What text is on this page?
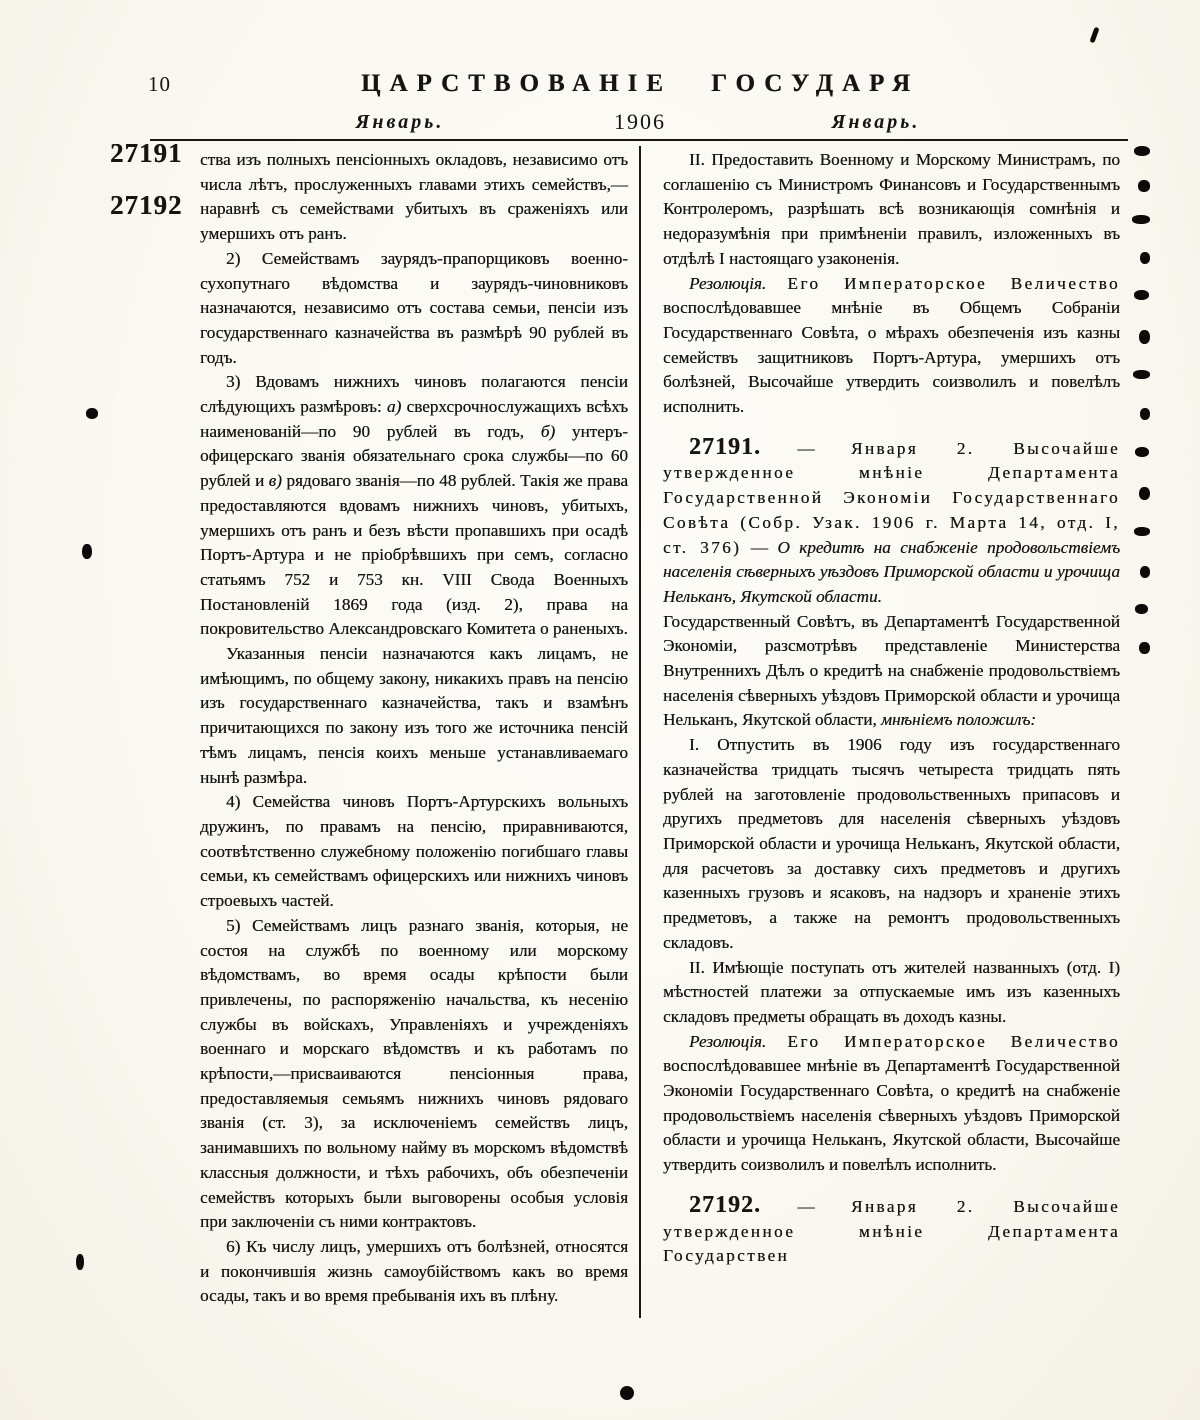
10	ЦАРСТВОВАНІЕ ГОСУДАРЯ
Январь.	1906	Январь.
27191
27192

ства изъ полныхъ пенсіонныхъ окладовъ, независимо отъ числа лѣтъ, прослуженныхъ главами этихъ семействъ,—наравнѣ съ семействами убитыхъ въ сраженіяхъ или умершихъ отъ ранъ.

2) Семействамъ заурядъ-прапорщиковъ военно-сухопутнаго вѣдомства и заурядъ-чиновниковъ назначаются, независимо отъ состава семьи, пенсіи изъ государственнаго казначейства въ размѣрѣ 90 рублей въ годъ.

3) Вдовамъ нижнихъ чиновъ полагаются пенсіи слѣдующихъ размѣровъ: а) сверхсрочнослужащихъ всѣхъ наименованій—по 90 рублей въ годъ, б) унтеръ-офицерскаго званія обязательнаго срока службы—по 60 рублей и в) рядоваго званія—по 48 рублей. Такія же права предоставляются вдовамъ нижнихъ чиновъ, убитыхъ, умершихъ отъ ранъ и безъ вѣсти пропавшихъ при осадѣ Портъ-Артура и не пріобрѣвшихъ при семъ, согласно статьямъ 752 и 753 кн. VIII Свода Военныхъ Постановленій 1869 года (изд. 2), права на покровительство Александровскаго Комитета о раненыхъ.

Указанныя пенсіи назначаются какъ лицамъ, не имѣющимъ, по общему закону, никакихъ правъ на пенсію изъ государственнаго казначейства, такъ и взамѣнъ причитающихся по закону изъ того же источника пенсій тѣмъ лицамъ, пенсія коихъ меньше устанавливаемаго нынѣ размѣра.

4) Семейства чиновъ Портъ-Артурскихъ вольныхъ дружинъ, по правамъ на пенсію, приравниваются, соотвѣтственно служебному положенію погибшаго главы семьи, къ семействамъ офицерскихъ или нижнихъ чиновъ строевыхъ частей.

5) Семействамъ лицъ разнаго званія, которыя, не состоя на службѣ по военному или морскому вѣдомствамъ, во время осады крѣпости были привлечены, по распоряженію начальства, къ несенію службы въ войскахъ, Управленіяхъ и учрежденіяхъ военнаго и морскаго вѣдомствъ и къ работамъ по крѣпости,—присваиваются пенсіонныя права, предоставляемыя семьямъ нижнихъ чиновъ рядоваго званія (ст. 3), за исключеніемъ семействъ лицъ, занимавшихъ по вольному найму въ морскомъ вѣдомствѣ классныя должности, и тѣхъ рабочихъ, объ обезпеченіи семействъ которыхъ были выговорены особыя условія при заключеніи съ ними контрактовъ.

6) Къ числу лицъ, умершихъ отъ болѣзней, относятся и покончившія жизнь самоубійствомъ какъ во время осады, такъ и во время пребыванія ихъ въ плѣну.

II. Предоставить Военному и Морскому Министрамъ, по соглашенію съ Министромъ Финансовъ и Государственнымъ Контролеромъ, разрѣшать всѣ возникающія сомнѣнія и недоразумѣнія при примѣненіи правилъ, изложенныхъ въ отдѣлѣ I настоящаго узаконенія.

Резолюція. Его Императорское Величество воспослѣдовавшее мнѣніе въ Общемъ Собраніи Государственнаго Совѣта, о мѣрахъ обезпеченія изъ казны семействъ защитниковъ Портъ-Артура, умершихъ отъ болѣзней, Высочайше утвердить соизволилъ и повелѣлъ исполнить.

27191. — Января 2. Высочайше утвержденное мнѣніе Департамента Государственной Экономіи Государственнаго Совѣта (Собр. Узак. 1906 г. Марта 14, отд. I, ст. 376) — О кредитѣ на снабженіе продовольствіемъ населенія сѣверныхъ уѣздовъ Приморской области и урочища Нельканъ, Якутской области.

Государственный Совѣтъ, въ Департаментѣ Государственной Экономіи, разсмотрѣвъ представленіе Министерства Внутреннихъ Дѣлъ о кредитѣ на снабженіе продовольствіемъ населенія сѣверныхъ уѣздовъ Приморской области и урочища Нельканъ, Якутской области, мнѣніемъ положилъ:

I. Отпустить въ 1906 году изъ государственнаго казначейства тридцать тысячъ четыреста тридцать пять рублей на заготовленіе продовольственныхъ припасовъ и другихъ предметовъ для населенія сѣверныхъ уѣздовъ Приморской области и урочища Нельканъ, Якутской области, для расчетовъ за доставку сихъ предметовъ и другихъ казенныхъ грузовъ и ясаковъ, на надзоръ и храненіе этихъ предметовъ, а также на ремонтъ продовольственныхъ складовъ.

II. Имѣющіе поступать отъ жителей названныхъ (отд. I) мѣстностей платежи за отпускаемые имъ изъ казенныхъ складовъ предметы обращать въ доходъ казны.

Резолюція. Его Императорское Величество воспослѣдовавшее мнѣніе въ Департаментѣ Государственной Экономіи Государственнаго Совѣта, о кредитѣ на снабженіе продовольствіемъ населенія сѣверныхъ уѣздовъ Приморской области и урочища Нельканъ, Якутской области, Высочайше утвердить соизволилъ и повелѣлъ исполнить.

27192. — Января 2. Высочайше утвержденное мнѣніе Департамента Государствен
